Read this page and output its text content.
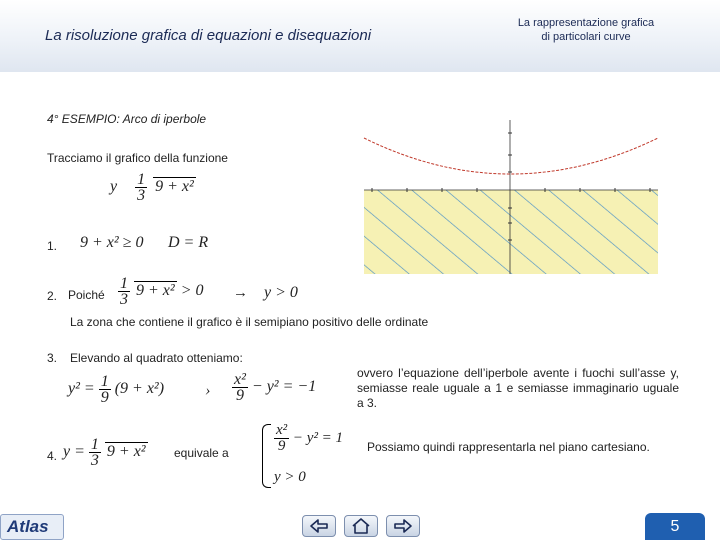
La risoluzione grafica di equazioni e disequazioni
La rappresentazione grafica
di particolari curve
4° ESEMPIO: Arco di iperbole
Tracciamo il grafico della funzione
y $\frac{1}{3} 9 + x^2$
1. 9 + x² ≥ 0 D = R
2. Poiché $\frac{1}{3} 9 + x^2 > 0 \to y > 0$
La zona che contiene il grafico è il semipiano positivo delle ordinate
3. Elevando al quadrato otteniamo:
$y^2 = \frac{1}{9} (9 + x^2)$	› $\frac{\text{x²}}{9} - y^2 = -1$
ovvero l’equazione dell’iperbole avente i fuochi sull’asse y, semiasse reale uguale a 1 e semiasse immaginario uguale a 3.
4. $y = \frac{1}{3} 9 + x^2$ equivale a	$\frac{\text{x²}}{9} - y^2 = 1$
y > 0
Possiamo quindi rappresentarla nel piano cartesiano.
Atlas	5
